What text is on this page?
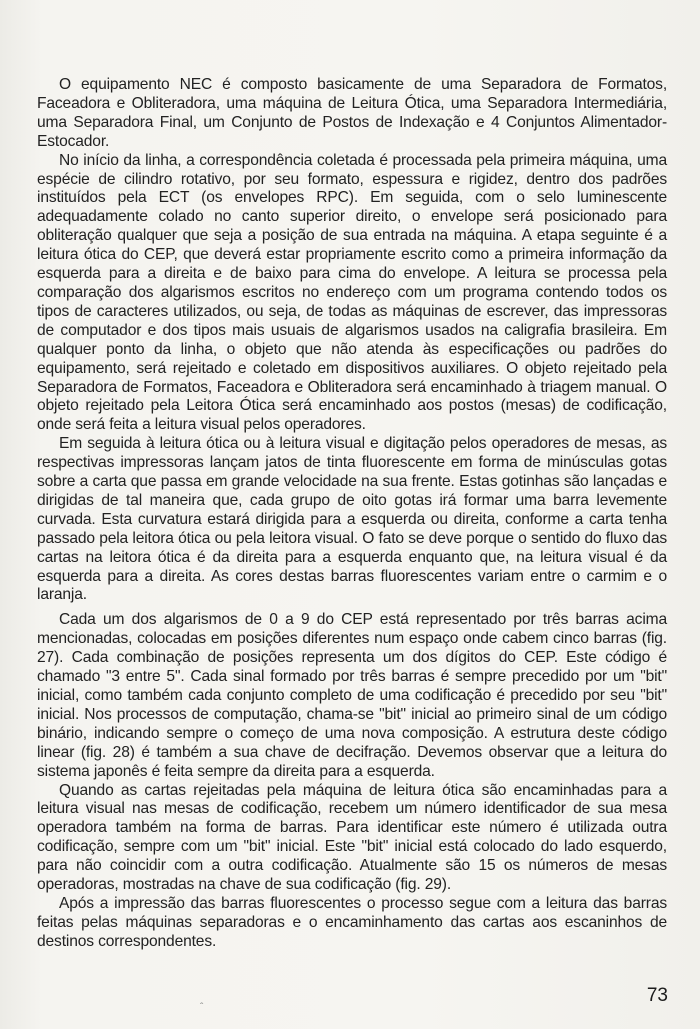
O equipamento NEC é composto basicamente de uma Separadora de Formatos, Faceadora e Obliteradora, uma máquina de Leitura Ótica, uma Separadora Intermediária, uma Separadora Final, um Conjunto de Postos de Indexação e 4 Conjuntos Alimentador-Estocador.

No início da linha, a correspondência coletada é processada pela primeira máquina, uma espécie de cilindro rotativo, por seu formato, espessura e rigidez, dentro dos padrões instituídos pela ECT (os envelopes RPC). Em seguida, com o selo luminescente adequadamente colado no canto superior direito, o envelope será posicionado para obliteração qualquer que seja a posição de sua entrada na máquina. A etapa seguinte é a leitura ótica do CEP, que deverá estar propriamente escrito como a primeira informação da esquerda para a direita e de baixo para cima do envelope. A leitura se processa pela comparação dos algarismos escritos no endereço com um programa contendo todos os tipos de caracteres utilizados, ou seja, de todas as máquinas de escrever, das impressoras de computador e dos tipos mais usuais de algarismos usados na caligrafia brasileira. Em qualquer ponto da linha, o objeto que não atenda às especificações ou padrões do equipamento, será rejeitado e coletado em dispositivos auxiliares. O objeto rejeitado pela Separadora de Formatos, Faceadora e Obliteradora será encaminhado à triagem manual. O objeto rejeitado pela Leitora Ótica será encaminhado aos postos (mesas) de codificação, onde será feita a leitura visual pelos operadores.

Em seguida à leitura ótica ou à leitura visual e digitação pelos operadores de mesas, as respectivas impressoras lançam jatos de tinta fluorescente em forma de minúsculas gotas sobre a carta que passa em grande velocidade na sua frente. Estas gotinhas são lançadas e dirigidas de tal maneira que, cada grupo de oito gotas irá formar uma barra levemente curvada. Esta curvatura estará dirigida para a esquerda ou direita, conforme a carta tenha passado pela leitora ótica ou pela leitora visual. O fato se deve porque o sentido do fluxo das cartas na leitora ótica é da direita para a esquerda enquanto que, na leitura visual é da esquerda para a direita. As cores destas barras fluorescentes variam entre o carmim e o laranja.

Cada um dos algarismos de 0 a 9 do CEP está representado por três barras acima mencionadas, colocadas em posições diferentes num espaço onde cabem cinco barras (fig. 27). Cada combinação de posições representa um dos dígitos do CEP. Este código é chamado "3 entre 5". Cada sinal formado por três barras é sempre precedido por um "bit" inicial, como também cada conjunto completo de uma codificação é precedido por seu "bit" inicial. Nos processos de computação, chama-se "bit" inicial ao primeiro sinal de um código binário, indicando sempre o começo de uma nova composição. A estrutura deste código linear (fig. 28) é também a sua chave de decifração. Devemos observar que a leitura do sistema japonês é feita sempre da direita para a esquerda.

Quando as cartas rejeitadas pela máquina de leitura ótica são encaminhadas para a leitura visual nas mesas de codificação, recebem um número identificador de sua mesa operadora também na forma de barras. Para identificar este número é utilizada outra codificação, sempre com um "bit" inicial. Este "bit" inicial está colocado do lado esquerdo, para não coincidir com a outra codificação. Atualmente são 15 os números de mesas operadoras, mostradas na chave de sua codificação (fig. 29).

Após a impressão das barras fluorescentes o processo segue com a leitura das barras feitas pelas máquinas separadoras e o encaminhamento das cartas aos escaninhos de destinos correspondentes.

ˆ
73
